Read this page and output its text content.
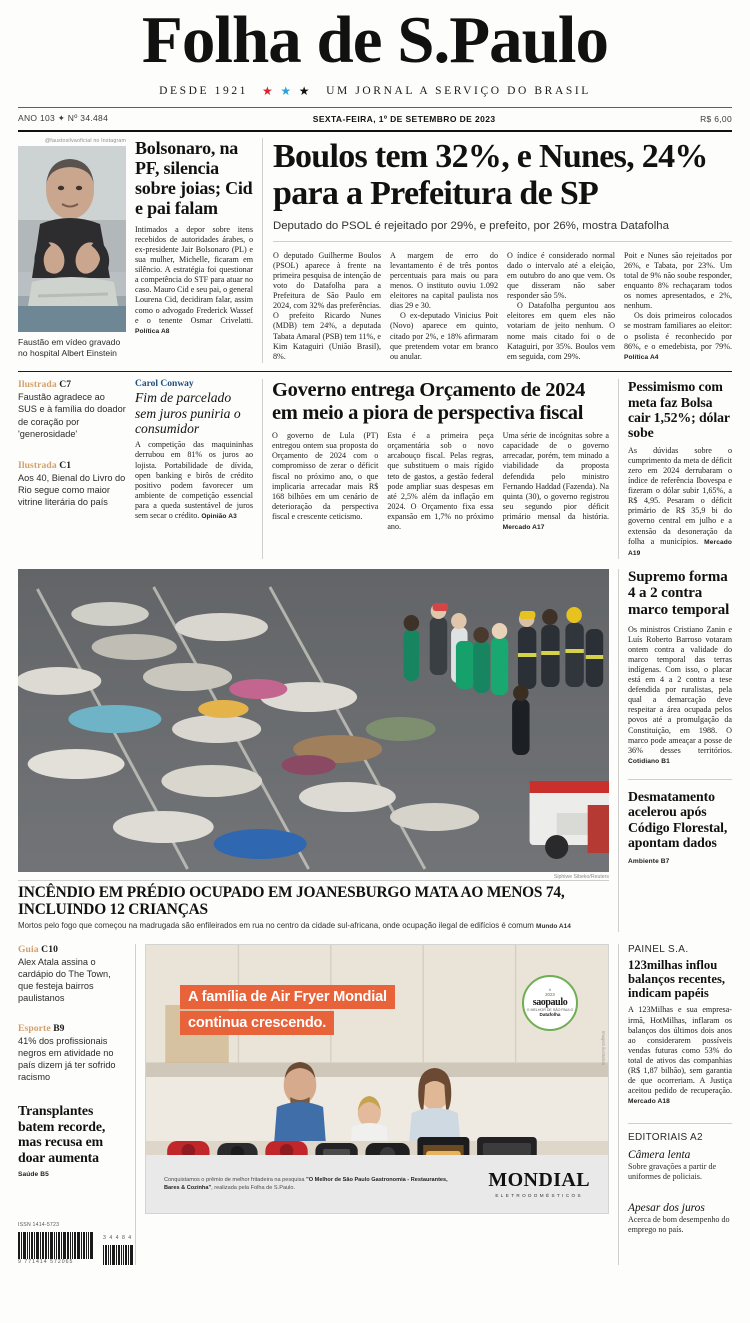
Folha de S.Paulo
DESDE 1921 ★ ★ ★ UM JORNAL A SERVIÇO DO BRASIL
ANO 103 ✦ Nº 34.484	SEXTA-FEIRA, 1º DE SETEMBRO DE 2023	R$ 6,00
@faustosilvaoficial no Instagram
Faustão em vídeo gravado no hospital Albert Einstein
Bolsonaro, na PF, silencia sobre joias; Cid e pai falam
Intimados a depor sobre itens recebidos de autoridades árabes, o ex-presidente Jair Bolsonaro (PL) e sua mulher, Michelle, ficaram em silêncio. A estratégia foi questionar a competência do STF para atuar no caso. Mauro Cid e seu pai, o general Lourena Cid, decidiram falar, assim como o advogado Frederick Wassef e o tenente Osmar Crivelatti. Política A8
Boulos tem 32%, e Nunes, 24% para a Prefeitura de SP
Deputado do PSOL é rejeitado por 29%, e prefeito, por 26%, mostra Datafolha
O deputado Guilherme Boulos (PSOL) aparece à frente na primeira pesquisa de intenção de voto do Datafolha para a Prefeitura de São Paulo em 2024, com 32% das preferências. O prefeito Ricardo Nunes (MDB) tem 24%, a deputada Tabata Amaral (PSB) tem 11%, e Kim Kataguiri (União Brasil), 8%.
A margem de erro do levantamento é de três pontos percentuais para mais ou para menos. O instituto ouviu 1.092 eleitores na capital paulista nos dias 29 e 30.
O ex-deputado Vinicius Poit (Novo) aparece em quinto, citado por 2%, e 18% afirmaram que pretendem votar em branco ou anular.
O índice é considerado normal dado o intervalo até a eleição, em outubro do ano que vem. Os que disseram não saber responder são 5%.
O Datafolha perguntou aos eleitores em quem eles não votariam de jeito nenhum. O nome mais citado foi o de Kataguiri, por 35%. Boulos vem em seguida, com 29%.
Poit e Nunes são rejeitados por 26%, e Tabata, por 23%. Um total de 9% não soube responder, enquanto 8% rechaçaram todos os nomes apresentados, e 2%, nenhum.
Os dois primeiros colocados se mostram familiares ao eleitor: o psolista é reconhecido por 86%, e o emedebista, por 79%. Política A4
Ilustrada C7
Faustão agradece ao SUS e à família do doador de coração por 'generosidade'
Ilustrada C1
Aos 40, Bienal do Livro do Rio segue como maior vitrine literária do país
Carol Conway
Fim de parcelado sem juros puniria o consumidor
A competição das maquininhas derrubou em 81% os juros ao lojista. Portabilidade de dívida, open banking e birôs de crédito positivo podem favorecer um ambiente de competição essencial para a queda sustentável de juros sem secar o crédito. Opinião A3
Governo entrega Orçamento de 2024 em meio a piora de perspectiva fiscal
O governo de Lula (PT) entregou ontem sua proposta do Orçamento de 2024 com o compromisso de zerar o déficit fiscal no próximo ano, o que implicaria arrecadar mais R$ 168 bilhões em um cenário de deterioração da perspectiva fiscal e crescente ceticismo.
Esta é a primeira peça orçamentária sob o novo arcabouço fiscal. Pelas regras, que substituem o mais rígido teto de gastos, a gestão federal pode ampliar suas despesas em até 2,5% além da inflação em 2024. O Orçamento fixa essa expansão em 1,7% no próximo ano.
Uma série de incógnitas sobre a capacidade de o governo arrecadar, porém, tem minado a viabilidade da proposta defendida pelo ministro Fernando Haddad (Fazenda). Na quinta (30), o governo registrou seu segundo pior déficit primário mensal da história. Mercado A17
Pessimismo com meta faz Bolsa cair 1,52%; dólar sobe
As dúvidas sobre o cumprimento da meta de déficit zero em 2024 derrubaram o índice de referência Ibovespa e fizeram o dólar subir 1,65%, a R$ 4,95. Pesaram o déficit primário de R$ 35,9 bi do governo central em julho e a extensão da desoneração da folha a municípios. Mercado A19
Siphiwe Sibeko/Reuters
INCÊNDIO EM PRÉDIO OCUPADO EM JOANESBURGO MATA AO MENOS 74, INCLUINDO 12 CRIANÇAS
Mortos pelo fogo que começou na madrugada são enfileirados em rua no centro da cidade sul-africana, onde ocupação ilegal de edifícios é comum Mundo A14
Supremo forma 4 a 2 contra marco temporal
Os ministros Cristiano Zanin e Luís Roberto Barroso votaram ontem contra a validade do marco temporal das terras indígenas. Com isso, o placar está em 4 a 2 contra a tese defendida por ruralistas, pela qual a demarcação deve respeitar a área ocupada pelos povos até a promulgação da Constituição, em 1988. O marco pode ameaçar a posse de 36% desses territórios. Cotidiano B1
Desmatamento acelerou após Código Florestal, apontam dados
Ambiente B7
Guia C10
Alex Atala assina o cardápio do The Town, que festeja bairros paulistanos
Esporte B9
41% dos profissionais negros em atividade no país dizem já ter sofrido racismo
Transplantes batem recorde, mas recusa em doar aumenta
Saúde B5
ISSN 1414-5723
9 771414 572065
3 4 4 8 4
A família de Air Fryer Mondial
continua crescendo.
✕
2023
saopaulo
O MELHOR DE SÃO PAULO
Datafolha
Imagem ilustrativa
Conquistamos o prêmio de melhor fritadeira na pesquisa "O Melhor de São Paulo Gastronomia - Restaurantes, Bares & Cozinha", realizada pela Folha de S.Paulo.	MONDIAL
ELETRODOMÉSTICOS
PAINEL S.A.
123milhas inflou balanços recentes, indicam papéis
A 123Milhas e sua empresa-irmã, HotMilhas, inflaram os balanços dos últimos dois anos ao considerarem possíveis vendas futuras como 53% do total de ativos das companhias (R$ 1,87 bilhão), sem garantia de que ocorreriam. A Justiça aceitou pedido de recuperação. Mercado A18
EDITORIAIS A2
Câmera lenta
Sobre gravações a partir de uniformes de policiais.
Apesar dos juros
Acerca de bom desempenho do emprego no país.
